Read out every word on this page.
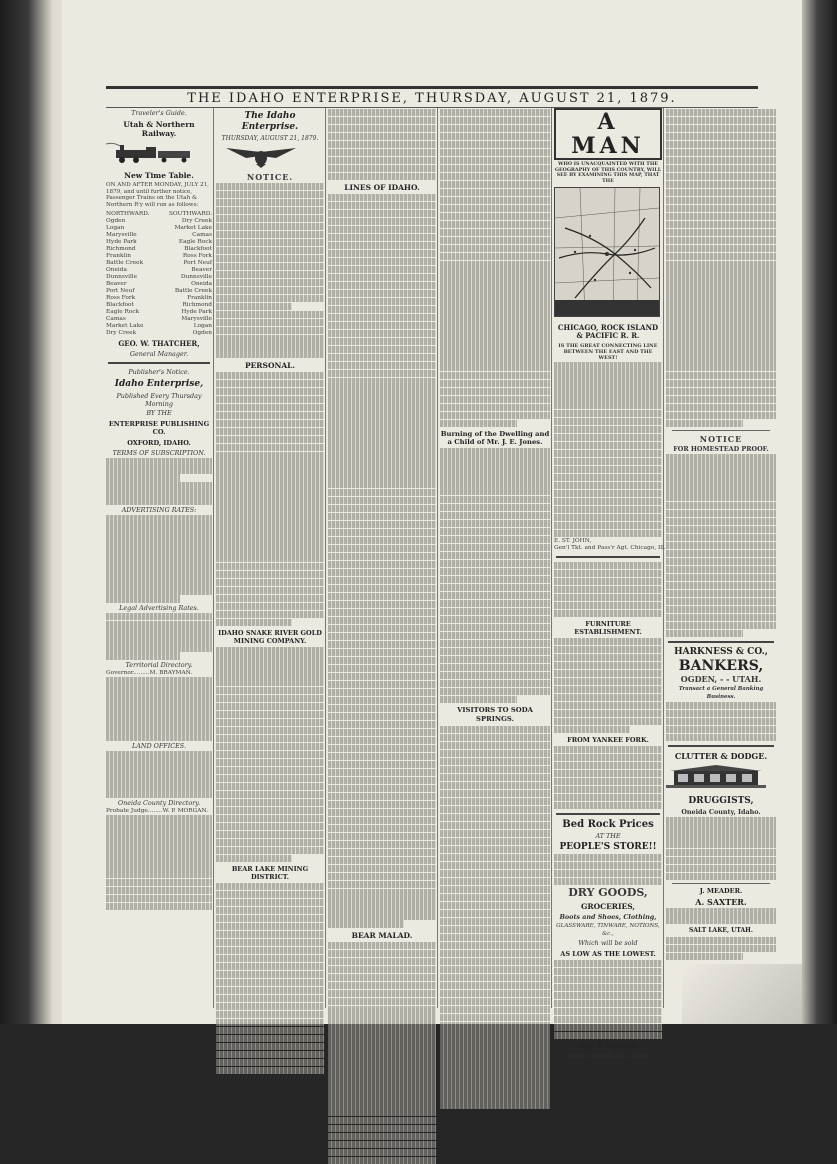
THE IDAHO ENTERPRISE, THURSDAY, AUGUST 21, 1879.
Traveler's Guide.
Utah & Northern Railway.
New Time Table.
ON AND AFTER MONDAY, JULY 21, 1879, and until further notice, Passenger Trains on the Utah & Northern R'y will run as follows:
NORTHWARD.	SOUTHWARD.
Ogden	Dry Creek
Logan	Market Lake
Marysville	Camas
Hyde Park	Eagle Rock
Richmond	Blackfoot
Franklin	Ross Fork
Battle Creek	Port Neuf
Oneida	Beaver
Dunnsville	Dunnsville
Beaver	Oneida
Port Neuf	Battle Creek
Ross Fork	Franklin
Blackfoot	Richmond
Eagle Rock	Hyde Park
Camas	Marysville
Market Lake	Logan
Dry Creek	Ogden
GEO. W. THATCHER,
General Manager.
Publisher's Notice.
Idaho Enterprise,
Published Every Thursday Morning
BY THE
ENTERPRISE PUBLISHING CO.
OXFORD, IDAHO.
TERMS OF SUBSCRIPTION.
ADVERTISING RATES:
Legal Advertising Rates.
Territorial Directory.
Governor.........M. BRAYMAN.
LAND OFFICES.
Oneida County Directory.
Probate Judge........W. P. MORGAN.
The Idaho Enterprise.
THURSDAY, AUGUST 21, 1879.
NOTICE.
PERSONAL.
IDAHO SNAKE RIVER GOLD MINING COMPANY.
BEAR LAKE MINING DISTRICT.
LINES OF IDAHO.
BEAR MALAD.
Burning of the Dwelling and a Child of Mr. J. E. Jones.
VISITORS TO SODA SPRINGS.
A MAN
WHO IS UNACQUAINTED WITH THE GEOGRAPHY OF THIS COUNTRY, WILL SEE BY EXAMINING THIS MAP, THAT THE
CHICAGO, ROCK ISLAND & PACIFIC R. R.
IS THE GREAT CONNECTING LINE BETWEEN THE EAST AND THE WEST!
E. ST. JOHN,
Gen'l Tkt. and Pass'r Agt. Chicago, Ill.
FURNITURE ESTABLISHMENT.
FROM YANKEE FORK.
Bed Rock Prices
AT THE
PEOPLE'S STORE!!
DRY GOODS,
GROCERIES,
Boots and Shoes, Clothing,
GLASSWARE, TINWARE, NOTIONS, &c.,
Which will be sold
AS LOW AS THE LOWEST.
WM. F. FISHER,
Oxford, Oneida Co., Idaho.
NOTICE
FOR HOMESTEAD PROOF.
HARKNESS & CO.,
BANKERS,
OGDEN, - - UTAH.
Transact a General Banking Business.
CLUTTER & DODGE.
DRUGGISTS,
Oneida County, Idaho.
J. MEADER.
A. SAXTER.
SALT LAKE, UTAH.
